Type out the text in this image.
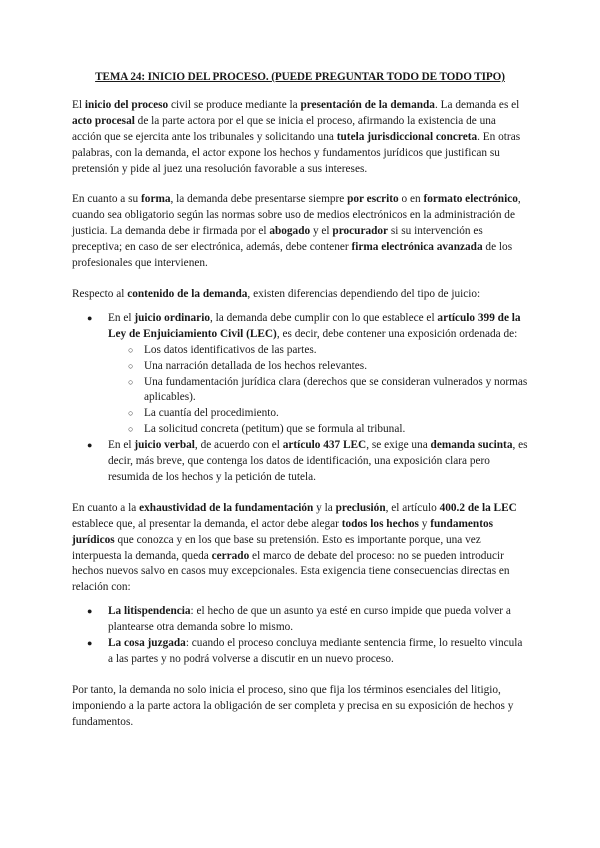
TEMA 24: INICIO DEL PROCESO. (PUEDE PREGUNTAR TODO DE TODO TIPO)

El inicio del proceso civil se produce mediante la presentación de la demanda. La demanda es el acto procesal de la parte actora por el que se inicia el proceso, afirmando la existencia de una acción que se ejercita ante los tribunales y solicitando una tutela jurisdiccional concreta. En otras palabras, con la demanda, el actor expone los hechos y fundamentos jurídicos que justifican su pretensión y pide al juez una resolución favorable a sus intereses.

En cuanto a su forma, la demanda debe presentarse siempre por escrito o en formato electrónico, cuando sea obligatorio según las normas sobre uso de medios electrónicos en la administración de justicia. La demanda debe ir firmada por el abogado y el procurador si su intervención es preceptiva; en caso de ser electrónica, además, debe contener firma electrónica avanzada de los profesionales que intervienen.

Respecto al contenido de la demanda, existen diferencias dependiendo del tipo de juicio:

● En el juicio ordinario, la demanda debe cumplir con lo que establece el artículo 399 de la Ley de Enjuiciamiento Civil (LEC), es decir, debe contener una exposición ordenada de:
○ Los datos identificativos de las partes.
○ Una narración detallada de los hechos relevantes.
○ Una fundamentación jurídica clara (derechos que se consideran vulnerados y normas aplicables).
○ La cuantía del procedimiento.
○ La solicitud concreta (petitum) que se formula al tribunal.
● En el juicio verbal, de acuerdo con el artículo 437 LEC, se exige una demanda sucinta, es decir, más breve, que contenga los datos de identificación, una exposición clara pero resumida de los hechos y la petición de tutela.

En cuanto a la exhaustividad de la fundamentación y la preclusión, el artículo 400.2 de la LEC establece que, al presentar la demanda, el actor debe alegar todos los hechos y fundamentos jurídicos que conozca y en los que base su pretensión. Esto es importante porque, una vez interpuesta la demanda, queda cerrado el marco de debate del proceso: no se pueden introducir hechos nuevos salvo en casos muy excepcionales. Esta exigencia tiene consecuencias directas en relación con:

● La litispendencia: el hecho de que un asunto ya esté en curso impide que pueda volver a plantearse otra demanda sobre lo mismo.
● La cosa juzgada: cuando el proceso concluya mediante sentencia firme, lo resuelto vincula a las partes y no podrá volverse a discutir en un nuevo proceso.

Por tanto, la demanda no solo inicia el proceso, sino que fija los términos esenciales del litigio, imponiendo a la parte actora la obligación de ser completa y precisa en su exposición de hechos y fundamentos.
